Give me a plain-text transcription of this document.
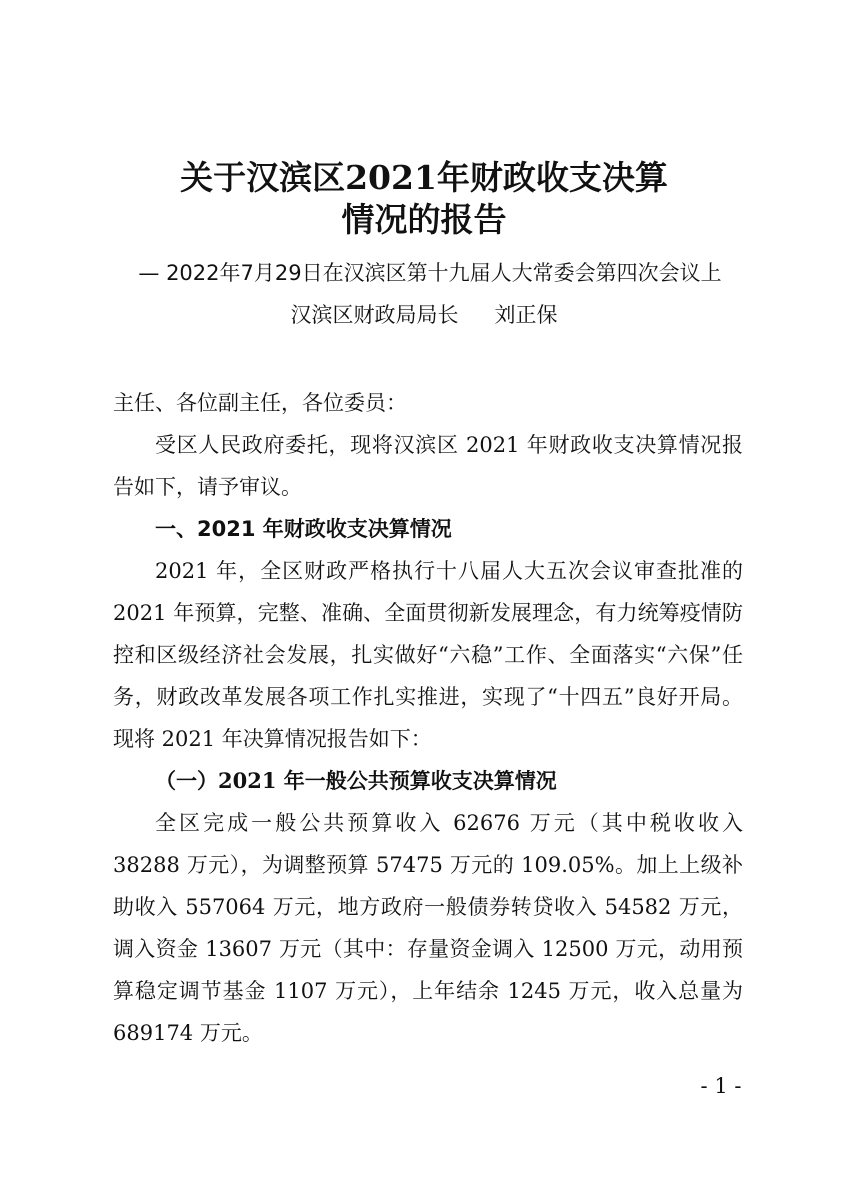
关于汉滨区2021年财政收支决算
情况的报告
— 2022年7月29日在汉滨区第十九届人大常委会第四次会议上
汉滨区财政局局长 刘正保

主任、各位副主任，各位委员：

受区人民政府委托，现将汉滨区 2021 年财政收支决算情况报告如下，请予审议。

一、2021 年财政收支决算情况

2021 年，全区财政严格执行十八届人大五次会议审查批准的 2021 年预算，完整、准确、全面贯彻新发展理念，有力统筹疫情防控和区级经济社会发展，扎实做好“六稳”工作、全面落实“六保”任务，财政改革发展各项工作扎实推进，实现了“十四五”良好开局。现将 2021 年决算情况报告如下：

（一）2021 年一般公共预算收支决算情况

全区完成一般公共预算收入 62676 万元（其中税收收入 38288 万元），为调整预算 57475 万元的 109.05%。加上上级补助收入 557064 万元，地方政府一般债券转贷收入 54582 万元，调入资金 13607 万元（其中：存量资金调入 12500 万元，动用预算稳定调节基金 1107 万元），上年结余 1245 万元，收入总量为 689174 万元。

- 1 -
